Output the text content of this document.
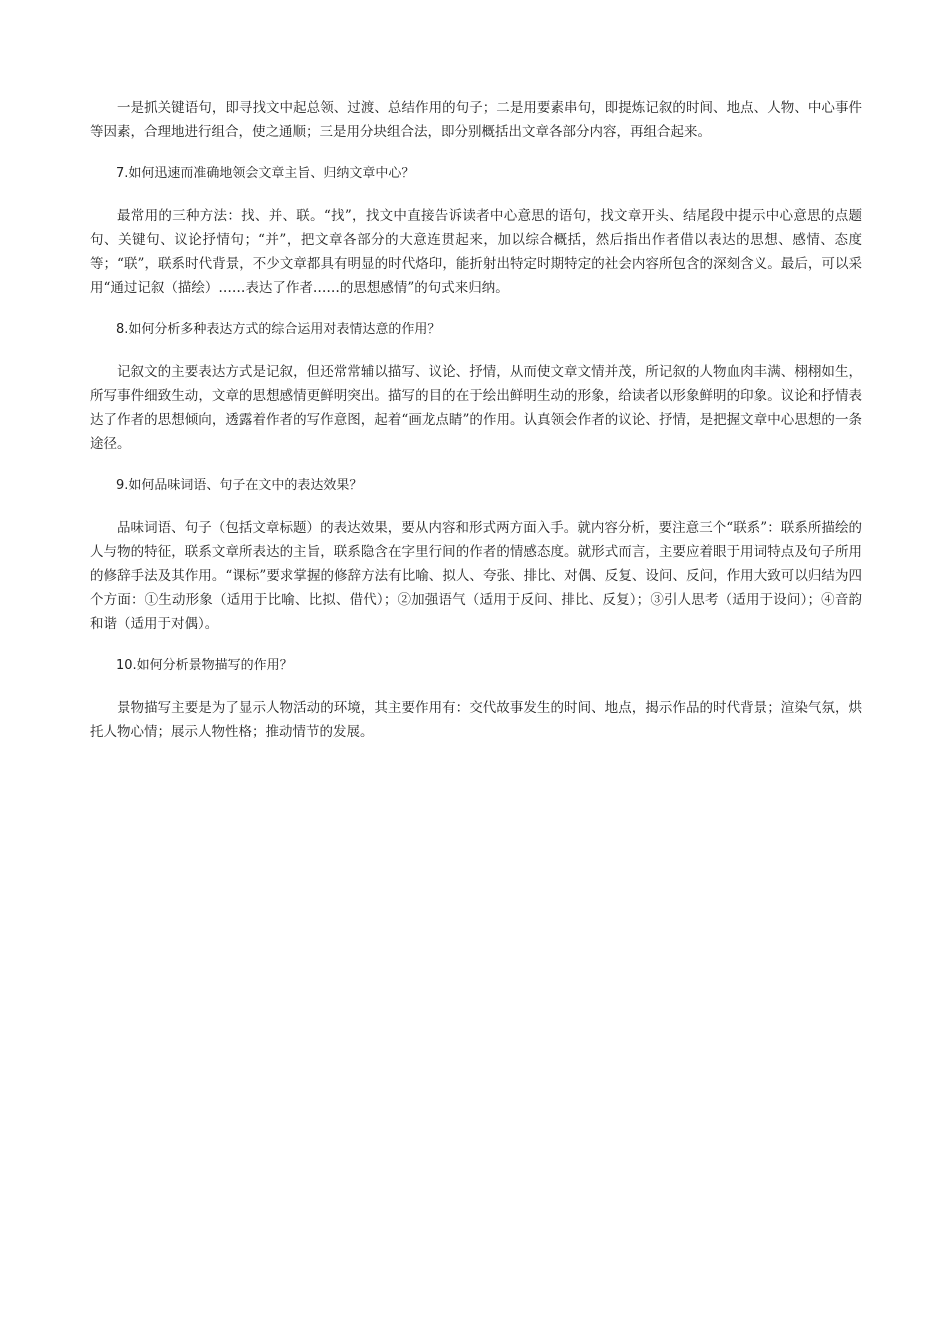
一是抓关键语句，即寻找文中起总领、过渡、总结作用的句子；二是用要素串句，即提炼记叙的时间、地点、人物、中心事件等因素，合理地进行组合，使之通顺；三是用分块组合法，即分别概括出文章各部分内容，再组合起来。

7.如何迅速而准确地领会文章主旨、归纳文章中心？

最常用的三种方法：找、并、联。“找”，找文中直接告诉读者中心意思的语句，找文章开头、结尾段中提示中心意思的点题句、关键句、议论抒情句；“并”，把文章各部分的大意连贯起来，加以综合概括，然后指出作者借以表达的思想、感情、态度等；“联”，联系时代背景，不少文章都具有明显的时代烙印，能折射出特定时期特定的社会内容所包含的深刻含义。最后，可以采用“通过记叙（描绘）……表达了作者……的思想感情”的句式来归纳。

8.如何分析多种表达方式的综合运用对表情达意的作用？

记叙文的主要表达方式是记叙，但还常常辅以描写、议论、抒情，从而使文章文情并茂，所记叙的人物血肉丰满、栩栩如生，所写事件细致生动，文章的思想感情更鲜明突出。描写的目的在于绘出鲜明生动的形象，给读者以形象鲜明的印象。议论和抒情表达了作者的思想倾向，透露着作者的写作意图，起着“画龙点睛”的作用。认真领会作者的议论、抒情，是把握文章中心思想的一条途径。

9.如何品味词语、句子在文中的表达效果？

品味词语、句子（包括文章标题）的表达效果，要从内容和形式两方面入手。就内容分析，要注意三个“联系”：联系所描绘的人与物的特征，联系文章所表达的主旨，联系隐含在字里行间的作者的情感态度。就形式而言，主要应着眼于用词特点及句子所用的修辞手法及其作用。“课标”要求掌握的修辞方法有比喻、拟人、夸张、排比、对偶、反复、设问、反问，作用大致可以归结为四个方面：①生动形象（适用于比喻、比拟、借代）；②加强语气（适用于反问、排比、反复）；③引人思考（适用于设问）；④音韵和谐（适用于对偶）。

10.如何分析景物描写的作用？

景物描写主要是为了显示人物活动的环境，其主要作用有：交代故事发生的时间、地点，揭示作品的时代背景；渲染气氛，烘托人物心情；展示人物性格；推动情节的发展。
